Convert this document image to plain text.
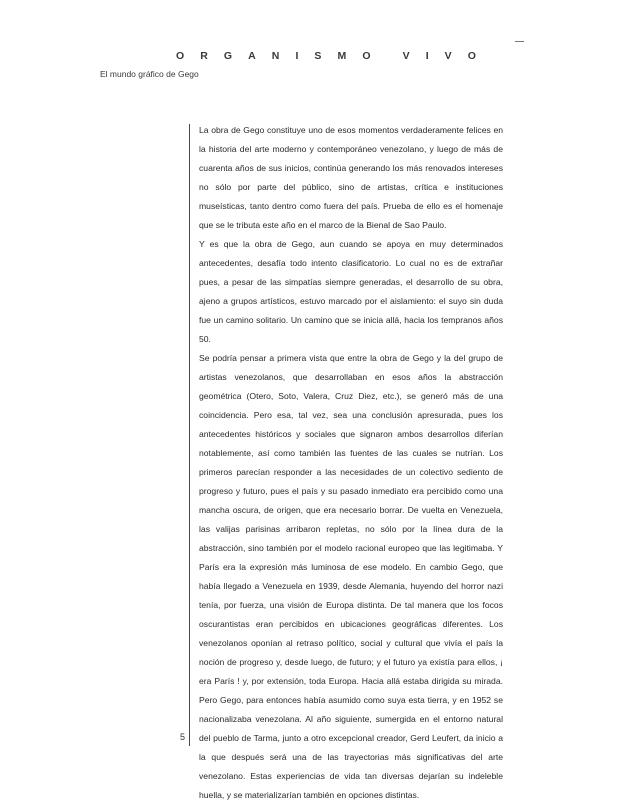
O R G A N I S M O	V I V O
El mundo gráfico de Gego

La obra de Gego constituye uno de esos momentos verdaderamente felices en la historia del arte moderno y contemporáneo venezolano, y luego de más de cuarenta años de sus inicios, continúa generando los más renovados intereses no sólo por parte del público, sino de artistas, crítica e instituciones museísticas, tanto dentro como fuera del país. Prueba de ello es el homenaje que se le tributa este año en el marco de la Bienal de Sao Paulo.

Y es que la obra de Gego, aun cuando se apoya en muy determinados antecedentes, desafía todo intento clasificatorio. Lo cual no es de extrañar pues, a pesar de las simpatías siempre generadas, el desarrollo de su obra, ajeno a grupos artísticos, estuvo marcado por el aislamiento: el suyo sin duda fue un camino solitario. Un camino que se inicia allá, hacia los tempranos años 50.

Se podría pensar a primera vista que entre la obra de Gego y la del grupo de artistas venezolanos, que desarrollaban en esos años la abstracción geométrica (Otero, Soto, Valera, Cruz Diez, etc.), se generó más de una coincidencia. Pero esa, tal vez, sea una conclusión apresurada, pues los antecedentes históricos y sociales que signaron ambos desarrollos diferían notablemente, así como también las fuentes de las cuales se nutrían. Los primeros parecían responder a las necesidades de un colectivo sediento de progreso y futuro, pues el país y su pasado inmediato era percibido como una mancha oscura, de origen, que era necesario borrar. De vuelta en Venezuela, las valijas parisinas arribaron repletas, no sólo por la línea dura de la abstracción, sino también por el modelo racional europeo que las legitimaba. Y París era la expresión más luminosa de ese modelo. En cambio Gego, que había llegado a Venezuela en 1939, desde Alemania, huyendo del horror nazi tenía, por fuerza, una visión de Europa distinta. De tal manera que los focos oscurantistas eran percibidos en ubicaciones geográficas diferentes. Los venezolanos oponían al retraso político, social y cultural que vivía el país la noción de progreso y, desde luego, de futuro; y el futuro ya existía para ellos, ¡ era París ! y, por extensión, toda Europa. Hacia allá estaba dirigida su mirada. Pero Gego, para entonces había asumido como suya esta tierra, y en 1952 se nacionalizaba venezolana. Al año siguiente, sumergida en el entorno natural del pueblo de Tarma, junto a otro excepcional creador, Gerd Leufert, da inicio a la que después será una de las trayectorias más significativas del arte venezolano. Estas experiencias de vida tan diversas dejarían su indeleble huella, y se materializarían también en opciones distintas.

5
